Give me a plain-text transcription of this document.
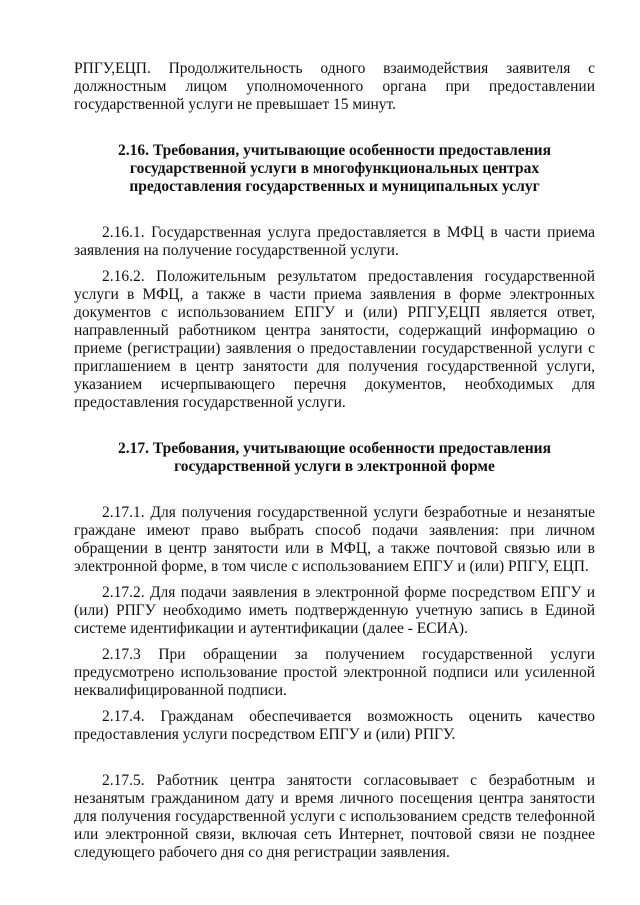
РПГУ,ЕЦП. Продолжительность одного взаимодействия заявителя с должностным лицом уполномоченного органа при предоставлении государственной услуги не превышает 15 минут.

2.16. Требования, учитывающие особенности предоставления государственной услуги в многофункциональных центрах предоставления государственных и муниципальных услуг

2.16.1. Государственная услуга предоставляется в МФЦ в части приема заявления на получение государственной услуги.

2.16.2. Положительным результатом предоставления государственной услуги в МФЦ, а также в части приема заявления в форме электронных документов с использованием ЕПГУ и (или) РПГУ,ЕЦП является ответ, направленный работником центра занятости, содержащий информацию о приеме (регистрации) заявления о предоставлении государственной услуги с приглашением в центр занятости для получения государственной услуги, указанием исчерпывающего перечня документов, необходимых для предоставления государственной услуги.

2.17. Требования, учитывающие особенности предоставления государственной услуги в электронной форме

2.17.1. Для получения государственной услуги безработные и незанятые граждане имеют право выбрать способ подачи заявления: при личном обращении в центр занятости или в МФЦ, а также почтовой связью или в электронной форме, в том числе с использованием ЕПГУ и (или) РПГУ, ЕЦП.

2.17.2. Для подачи заявления в электронной форме посредством ЕПГУ и (или) РПГУ необходимо иметь подтвержденную учетную запись в Единой системе идентификации и аутентификации (далее - ЕСИА).

2.17.3 При обращении за получением государственной услуги предусмотрено использование простой электронной подписи или усиленной неквалифицированной подписи.

2.17.4. Гражданам обеспечивается возможность оценить качество предоставления услуги посредством ЕПГУ и (или) РПГУ.

2.17.5. Работник центра занятости согласовывает с безработным и незанятым гражданином дату и время личного посещения центра занятости для получения государственной услуги с использованием средств телефонной или электронной связи, включая сеть Интернет, почтовой связи не позднее следующего рабочего дня со дня регистрации заявления.
